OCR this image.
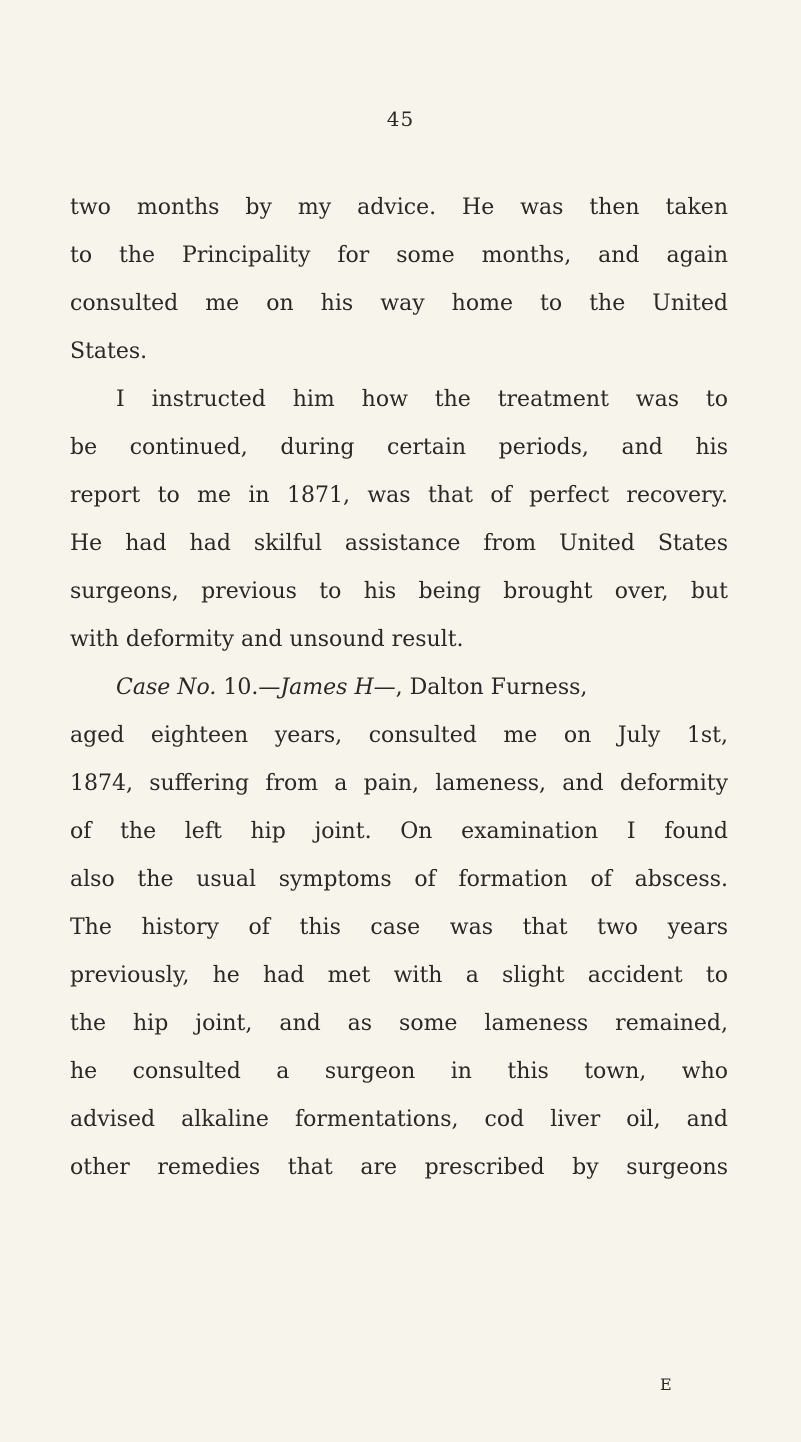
45
two months by my advice. He was then taken
to the Principality for some months, and again
consulted me on his way home to the United
States.
I instructed him how the treatment was to
be continued, during certain periods, and his
report to me in 1871, was that of perfect recovery.
He had had skilful assistance from United States
surgeons, previous to his being brought over, but
with deformity and unsound result.
Case No. 10.—James H—, Dalton Furness,
aged eighteen years, consulted me on July 1st,
1874, suffering from a pain, lameness, and deformity
of the left hip joint. On examination I found
also the usual symptoms of formation of abscess.
The history of this case was that two years
previously, he had met with a slight accident to
the hip joint, and as some lameness remained,
he consulted a surgeon in this town, who
advised alkaline formentations, cod liver oil, and
other remedies that are prescribed by surgeons
E
